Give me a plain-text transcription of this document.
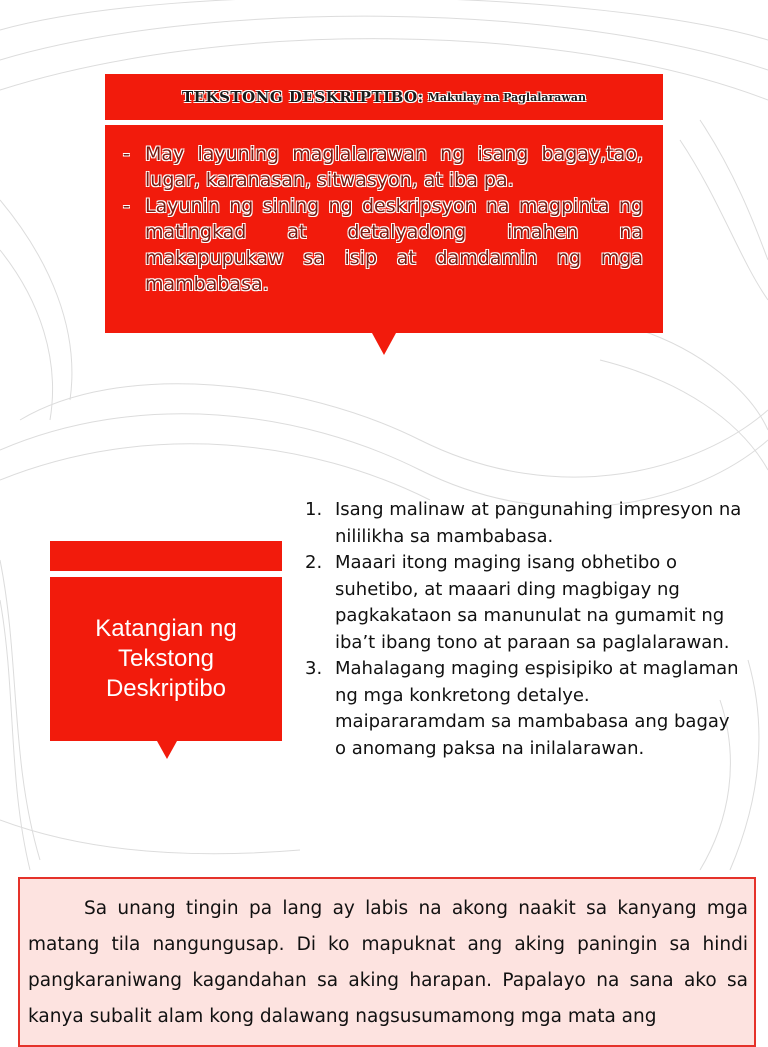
TEKSTONG DESKRIPTIBO: Makulay na Paglalarawan
- May layuning maglalarawan ng isang bagay,tao, lugar, karanasan, sitwasyon, at iba pa.
- Layunin ng sining ng deskripsyon na magpinta ng matingkad at detalyadong imahen na makapupukaw sa isip at damdamin ng mga mambabasa.
Katangian ng Tekstong Deskriptibo
1. Isang malinaw at pangunahing impresyon na nililikha sa mambabasa.
2. Maaari itong maging isang obhetibo o suhetibo, at maaari ding magbigay ng pagkakataon sa manunulat na gumamit ng iba’t ibang tono at paraan sa paglalarawan.
3. Mahalagang maging espisipiko at maglaman ng mga konkretong detalye. maipararamdam sa mambabasa ang bagay o anomang paksa na inilalarawan.

Sa unang tingin pa lang ay labis na akong naakit sa kanyang mga matang tila nangungusap. Di ko mapuknat ang aking paningin sa hindi pangkaraniwang kagandahan sa aking harapan. Papalayo na sana ako sa kanya subalit alam kong dalawang nagsusumamong mga mata ang
